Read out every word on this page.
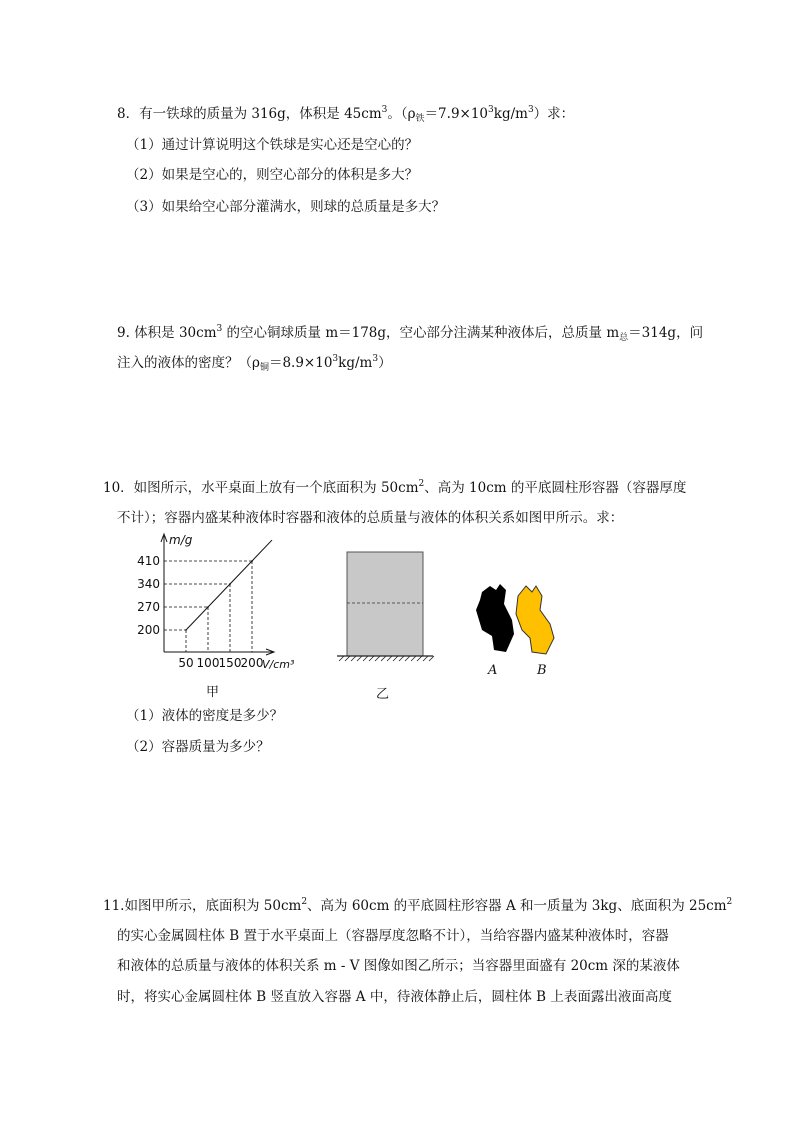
8．有一铁球的质量为 316g，体积是 $45cm^3$。$(\rho_铁=7.9\times 10^3kg/m^3)$求：
（1）通过计算说明这个铁球是实心还是空心的？
（2）如果是空心的，则空心部分的体积是多大？
（3）如果给空心部分灌满水，则球的总质量是多大？
9. 体积是 $30cm^3$ 的空心铜球质量 m＝178g，空心部分注满某种液体后，总质量 $m_总=314g$，问
注入的液体的密度？$(\rho_铜=8.9\times 10^3kg/m^3)$
10．如图所示，水平桌面上放有一个底面积为 $50cm^2$、高为 10cm 的平底圆柱形容器（容器厚度
不计）；容器内盛某种液体时容器和液体的总质量与液体的体积关系如图甲所示。求：
200
270
340
410
50 100 150 200
m/g
V/cm³
甲	乙
A	B
（1）液体的密度是多少？
（2）容器质量为多少？
11.如图甲所示，底面积为 $50cm^2$、高为 60cm 的平底圆柱形容器 A 和一质量为 3kg、底面积为 $25cm^2$
的实心金属圆柱体 B 置于水平桌面上（容器厚度忽略不计），当给容器内盛某种液体时，容器
和液体的总质量与液体的体积关系 m - V 图像如图乙所示；当容器里面盛有 20cm 深的某液体
时，将实心金属圆柱体 B 竖直放入容器 A 中，待液体静止后，圆柱体 B 上表面露出液面高度
